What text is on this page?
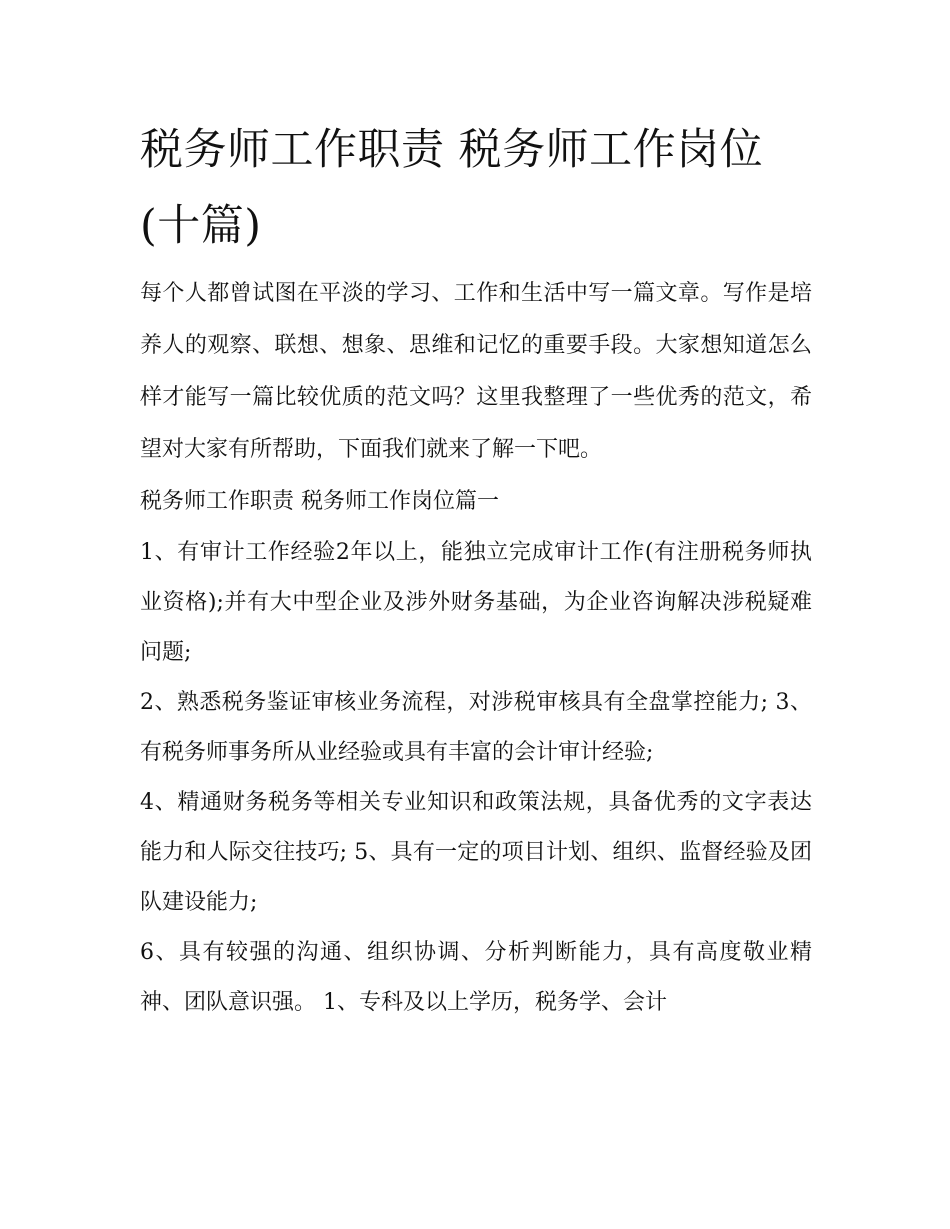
税务师工作职责 税务师工作岗位(十篇)

每个人都曾试图在平淡的学习、工作和生活中写一篇文章。写作是培养人的观察、联想、想象、思维和记忆的重要手段。大家想知道怎么样才能写一篇比较优质的范文吗？这里我整理了一些优秀的范文，希望对大家有所帮助，下面我们就来了解一下吧。

税务师工作职责 税务师工作岗位篇一

1、有审计工作经验2年以上，能独立完成审计工作(有注册税务师执业资格);并有大中型企业及涉外财务基础，为企业咨询解决涉税疑难问题;

2、熟悉税务鉴证审核业务流程，对涉税审核具有全盘掌控能力; 3、有税务师事务所从业经验或具有丰富的会计审计经验;

4、精通财务税务等相关专业知识和政策法规，具备优秀的文字表达能力和人际交往技巧; 5、具有一定的项目计划、组织、监督经验及团队建设能力;

6、具有较强的沟通、组织协调、分析判断能力，具有高度敬业精神、团队意识强。 1、专科及以上学历，税务学、会计
